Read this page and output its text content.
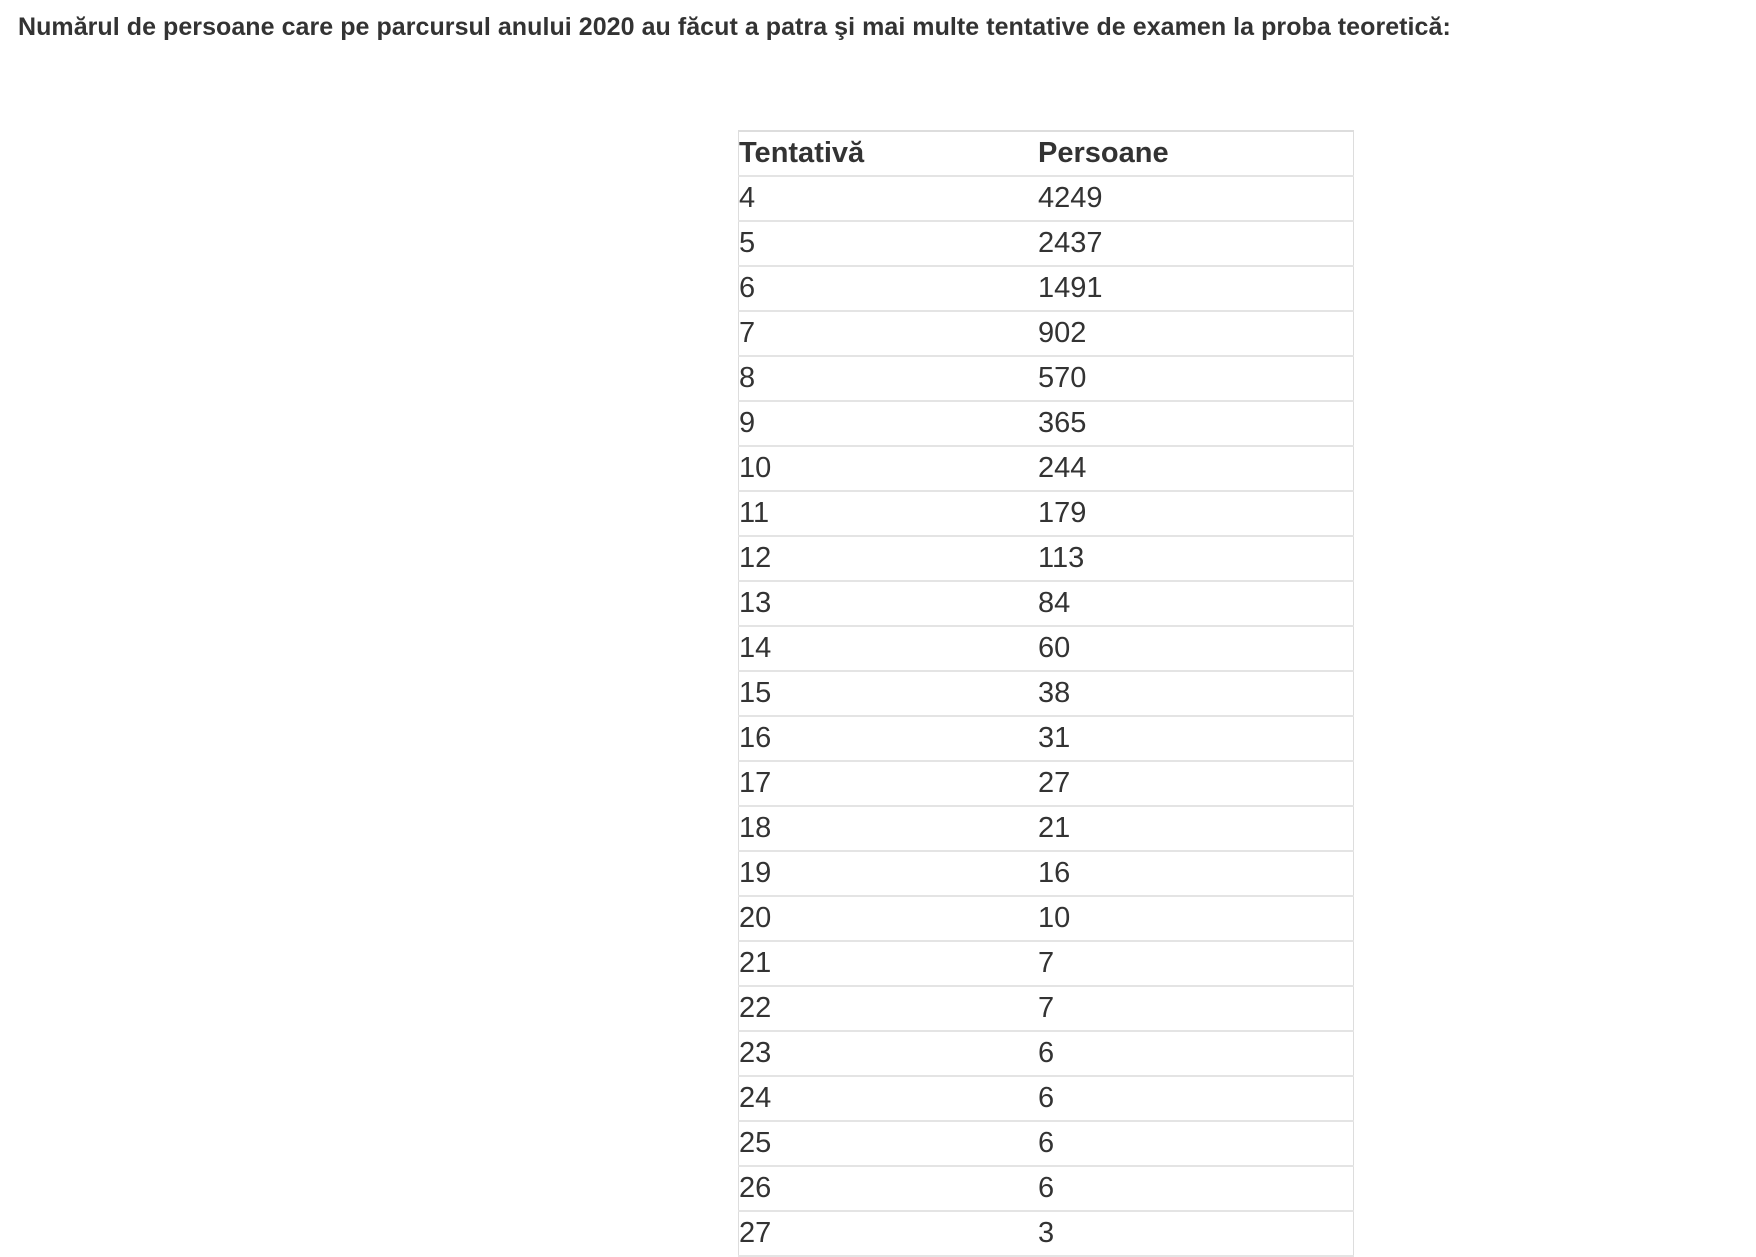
Numărul de persoane care pe parcursul anului 2020 au făcut a patra şi mai multe tentative de examen la proba teoretică:
Tentativă	Persoane
4	4249
5	2437
6	1491
7	902
8	570
9	365
10	244
11	179
12	113
13	84
14	60
15	38
16	31
17	27
18	21
19	16
20	10
21	7
22	7
23	6
24	6
25	6
26	6
27	3
